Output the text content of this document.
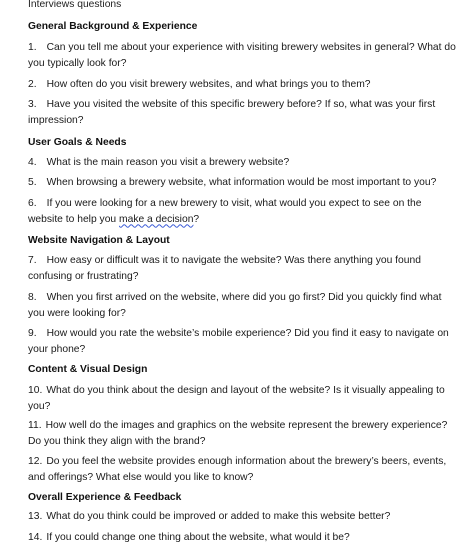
Interviews questions
General Background & Experience
1. Can you tell me about your experience with visiting brewery websites in general? What do you typically look for?
2. How often do you visit brewery websites, and what brings you to them?
3. Have you visited the website of this specific brewery before? If so, what was your first impression?
User Goals & Needs
4. What is the main reason you visit a brewery website?
5. When browsing a brewery website, what information would be most important to you?
6. If you were looking for a new brewery to visit, what would you expect to see on the website to help you make a decision?
Website Navigation & Layout
7. How easy or difficult was it to navigate the website? Was there anything you found confusing or frustrating?
8. When you first arrived on the website, where did you go first? Did you quickly find what you were looking for?
9. How would you rate the website’s mobile experience? Did you find it easy to navigate on your phone?
Content & Visual Design
10. What do you think about the design and layout of the website? Is it visually appealing to you?
11. How well do the images and graphics on the website represent the brewery experience? Do you think they align with the brand?
12. Do you feel the website provides enough information about the brewery’s beers, events, and offerings? What else would you like to know?
Overall Experience & Feedback
13. What do you think could be improved or added to make this website better?
14. If you could change one thing about the website, what would it be?
